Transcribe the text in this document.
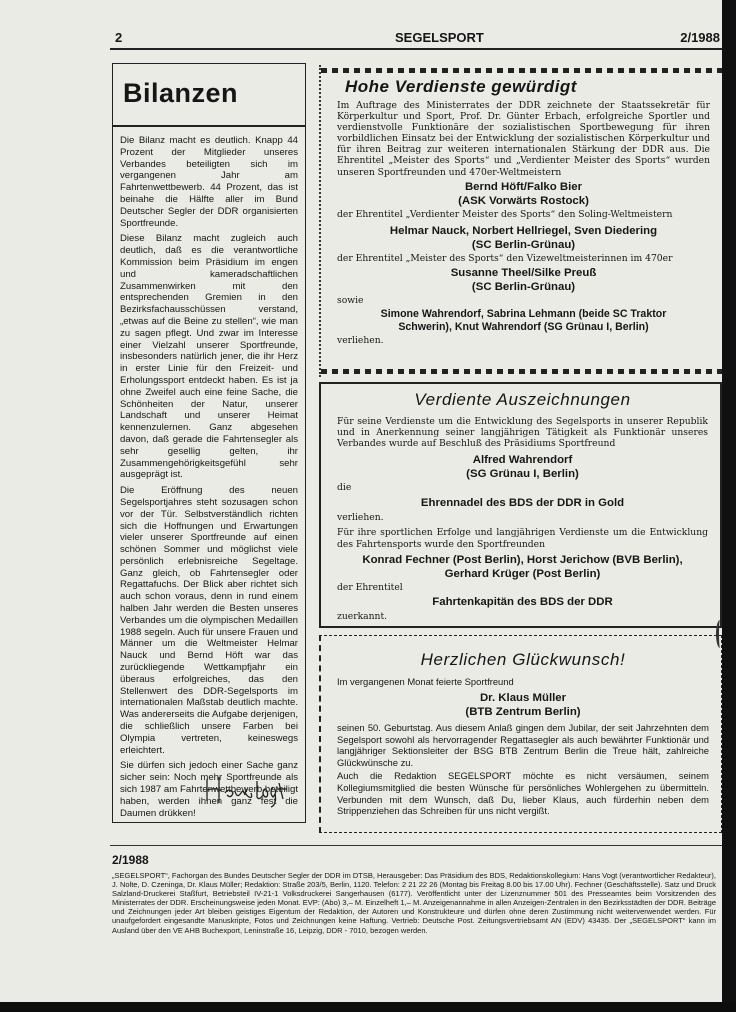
2	SEGELSPORT	2/1988
Bilanzen

Die Bilanz macht es deutlich. Knapp 44 Prozent der Mitglieder unseres Verbandes beteiligten sich im vergangenen Jahr am Fahrtenwettbewerb. 44 Prozent, das ist beinahe die Hälfte aller im Bund Deutscher Segler der DDR organisierten Sportfreunde.

Diese Bilanz macht zugleich auch deutlich, daß es die verantwortliche Kommission beim Präsidium im engen und kameradschaftlichen Zusammenwirken mit den entsprechenden Gremien in den Bezirksfachausschüssen verstand, „etwas auf die Beine zu stellen“, wie man zu sagen pflegt. Und zwar im Interesse einer Vielzahl unserer Sportfreunde, insbesonders natürlich jener, die ihr Herz in erster Linie für den Freizeit- und Erholungssport entdeckt haben. Es ist ja ohne Zweifel auch eine feine Sache, die Schönheiten der Natur, unserer Landschaft und unserer Heimat kennenzulernen. Ganz abgesehen davon, daß gerade die Fahrtensegler als sehr gesellig gelten, ihr Zusammengehörigkeitsgefühl sehr ausgeprägt ist.

Die Eröffnung des neuen Segelsportjahres steht sozusagen schon vor der Tür. Selbstverständlich richten sich die Hoffnungen und Erwartungen vieler unserer Sportfreunde auf einen schönen Sommer und möglichst viele persönlich erlebnisreiche Segeltage. Ganz gleich, ob Fahrtensegler oder Regattafuchs. Der Blick aber richtet sich auch schon voraus, denn in rund einem halben Jahr werden die Besten unseres Verbandes um die olympischen Medaillen 1988 segeln. Auch für unsere Frauen und Männer um die Weltmeister Helmar Nauck und Bernd Höft war das zurückliegende Wettkampfjahr ein überaus erfolgreiches, das den Stellenwert des DDR-Segelsports im internationalen Maßstab deutlich machte. Was andererseits die Aufgabe derjenigen, die schließlich unsere Farben bei Olympia vertreten, keineswegs erleichtert.

Sie dürfen sich jedoch einer Sache ganz sicher sein: Noch mehr Sportfreunde als sich 1987 am Fahrtenwettbewerb beteiligt haben, werden ihnen ganz fest die Daumen drükken!

Hohe Verdienste gewürdigt
Im Auftrage des Ministerrates der DDR zeichnete der Staatssekretär für Körperkultur und Sport, Prof. Dr. Günter Erbach, erfolgreiche Sportler und verdienstvolle Funktionäre der sozialistischen Sportbewegung für ihren vorbildlichen Einsatz bei der Entwicklung der sozialistischen Körperkultur und für ihren Beitrag zur weiteren internationalen Stärkung der DDR aus. Die Ehrentitel „Meister des Sports“ und „Verdienter Meister des Sports“ wurden unseren Sportfreunden und 470er-Weltmeistern
Bernd Höft/Falko Bier
(ASK Vorwärts Rostock)
der Ehrentitel „Verdienter Meister des Sports“ den Soling-Weltmeistern
Helmar Nauck, Norbert Hellriegel, Sven Diedering
(SC Berlin-Grünau)
der Ehrentitel „Meister des Sports“ den Vizeweltmeisterinnen im 470er
Susanne Theel/Silke Preuß
(SC Berlin-Grünau)
sowie
Simone Wahrendorf, Sabrina Lehmann (beide SC Traktor
Schwerin), Knut Wahrendorf (SG Grünau I, Berlin)
verliehen.
Verdiente Auszeichnungen
Für seine Verdienste um die Entwicklung des Segelsports in unserer Republik und in Anerkennung seiner langjährigen Tätigkeit als Funktionär unseres Verbandes wurde auf Beschluß des Präsidiums Sportfreund
Alfred Wahrendorf
(SG Grünau I, Berlin)
die
Ehrennadel des BDS der DDR in Gold
verliehen.
Für ihre sportlichen Erfolge und langjährigen Verdienste um die Entwicklung des Fahrtensports wurde den Sportfreunden
Konrad Fechner (Post Berlin), Horst Jerichow (BVB Berlin),
Gerhard Krüger (Post Berlin)
der Ehrentitel
Fahrtenkapitän des BDS der DDR
zuerkannt.
Herzlichen Glückwunsch!
Im vergangenen Monat feierte Sportfreund
Dr. Klaus Müller
(BTB Zentrum Berlin)
seinen 50. Geburtstag. Aus diesem Anlaß gingen dem Jubilar, der seit Jahrzehnten dem Segelsport sowohl als hervorragender Regattasegler als auch bewährter Funktionär und langjähriger Sektionsleiter der BSG BTB Zentrum Berlin die Treue hält, zahlreiche Glückwünsche zu.
Auch die Redaktion SEGELSPORT möchte es nicht versäumen, seinem Kollegiumsmitglied die besten Wünsche für persönliches Wohlergehen zu übermitteln. Verbunden mit dem Wunsch, daß Du, lieber Klaus, auch fürderhin neben dem Strippenziehen das Schreiben für uns nicht vergißt.
2/1988
„SEGELSPORT“, Fachorgan des Bundes Deutscher Segler der DDR im DTSB, Herausgeber: Das Präsidium des BDS, Redaktionskollegium: Hans Vogt (verantwortlicher Redakteur), J. Nolte, D. Czeninga, Dr. Klaus Müller; Redaktion: Straße 203/5, Berlin, 1120. Telefon: 2 21 22 26 (Montag bis Freitag 8.00 bis 17.00 Uhr). Fechner (Geschäftsstelle). Satz und Druck Salzland-Druckerei Staßfurt, Betriebsteil IV-21-1 Volksdruckerei Sangerhausen (6177). Veröffentlicht unter der Lizenznummer 501 des Presseamtes beim Vorsitzenden des Ministerrates der DDR. Erscheinungsweise jeden Monat. EVP: (Abo) 3,– M. Einzelheft 1,– M. Anzeigenannahme in allen Anzeigen-Zentralen in den Bezirksstädten der DDR. Beiträge und Zeichnungen jeder Art bleiben geistiges Eigentum der Redaktion, der Autoren und Konstrukteure und dürfen ohne deren Zustimmung nicht weiterverwendet werden. Für unaufgefordert eingesandte Manuskripte, Fotos und Zeichnungen keine Haftung. Vertrieb: Deutsche Post. Zeitungsvertriebsamt AN (EDV) 43435. Der „SEGELSPORT“ kann im Ausland über den VE AHB Buchexport, Leninstraße 16, Leipzig, DDR - 7010, bezogen werden.
